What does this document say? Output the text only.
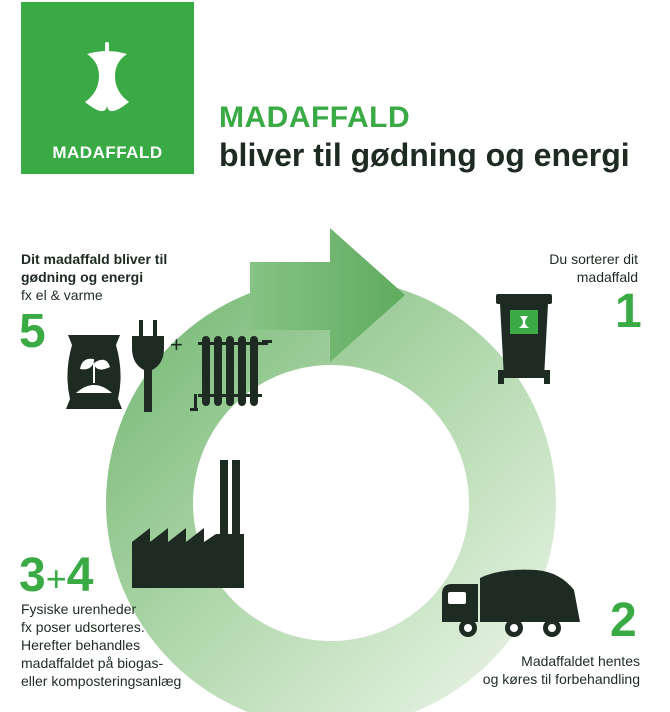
MADAFFALD
MADAFFALD
bliver til gødning og energi
Dit madaffald bliver til
gødning og energi
fx el & varme
5	+
Du sorterer dit
madaffald
1
3+4
Fysiske urenheder
fx poser udsorteres.
Herefter behandles
madaffaldet på biogas-
eller komposteringsanlæg
2
Madaffaldet hentes
og køres til forbehandling
